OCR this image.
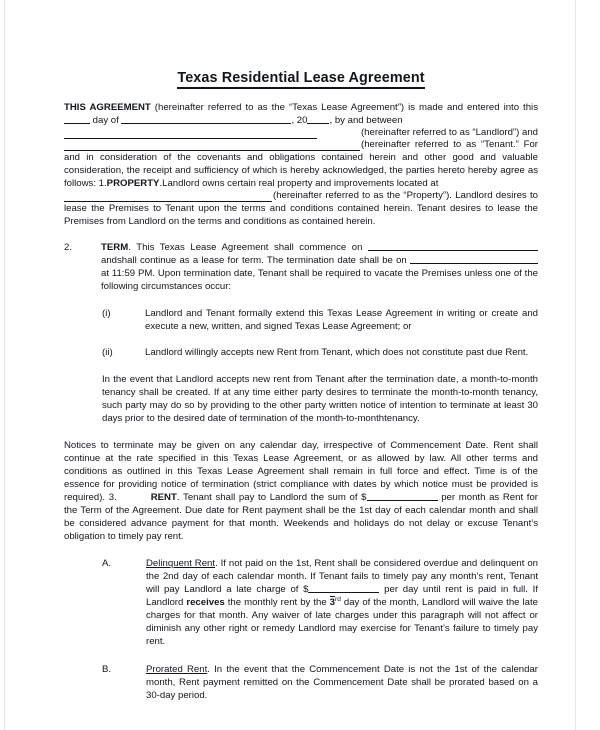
Texas Residential Lease Agreement

THIS AGREEMENT (hereinafter referred to as the “Texas Lease Agreement”) is made and entered into this  day of	, 20 , by and between

(hereinafter referred to as “Landlord”) and

(hereinafter referred to as “Tenant.” For and in consideration of the covenants and obligations contained herein and other good and valuable consideration, the receipt and sufficiency of which is hereby acknowledged, the parties hereto hereby agree as follows: 1.PROPERTY.Landlord owns certain real property and improvements located at

(hereinafter referred to as the “Property”). Landlord desires to lease the Premises to Tenant upon the terms and conditions contained herein. Tenant desires to lease the Premises from Landlord on the terms and conditions as contained herein.

2.	TERM. This Texas Lease Agreement shall commence on  andshall continue as a lease for term. The termination date shall be on  at 11:59 PM. Upon termination date, Tenant shall be required to vacate the Premises unless one of the following circumstances occur:

(i)	Landlord and Tenant formally extend this Texas Lease Agreement in writing or create and execute a new, written, and signed Texas Lease Agreement; or

(ii)	Landlord willingly accepts new Rent from Tenant, which does not constitute past due Rent.

In the event that Landlord accepts new rent from Tenant after the termination date, a month-to-month tenancy shall be created. If at any time either party desires to terminate the month-to-month tenancy, such party may do so by providing to the other party written notice of intention to terminate at least 30 days prior to the desired date of termination of the month-to-monthtenancy.

Notices to terminate may be given on any calendar day, irrespective of Commencement Date. Rent shall continue at the rate specified in this Texas Lease Agreement, or as allowed by law. All other terms and conditions as outlined in this Texas Lease Agreement shall remain in full force and effect. Time is of the essence for providing notice of termination (strict compliance with dates by which notice must be provided is required). 3.	RENT. Tenant shall pay to Landlord the sum of $	per month as Rent for the Term of the Agreement. Due date for Rent payment shall be the 1st day of each calendar month and shall be considered advance payment for that month. Weekends and holidays do not delay or excuse Tenant’s obligation to timely pay rent.

A.	Delinquent Rent. If not paid on the 1st, Rent shall be considered overdue and delinquent on the 2nd day of each calendar month. If Tenant fails to timely pay any month’s rent, Tenant will pay Landlord a late charge of $	per day until rent is paid in full. If Landlord receives the monthly rent by the 3rd day of the month, Landlord will waive the late charges for that month. Any waiver of late charges under this paragraph will not affect or diminish any other right or remedy Landlord may exercise for Tenant’s failure to timely pay rent.

B.	Prorated Rent. In the event that the Commencement Date is not the 1st of the calendar month, Rent payment remitted on the Commencement Date shall be prorated based on a 30-day period.
